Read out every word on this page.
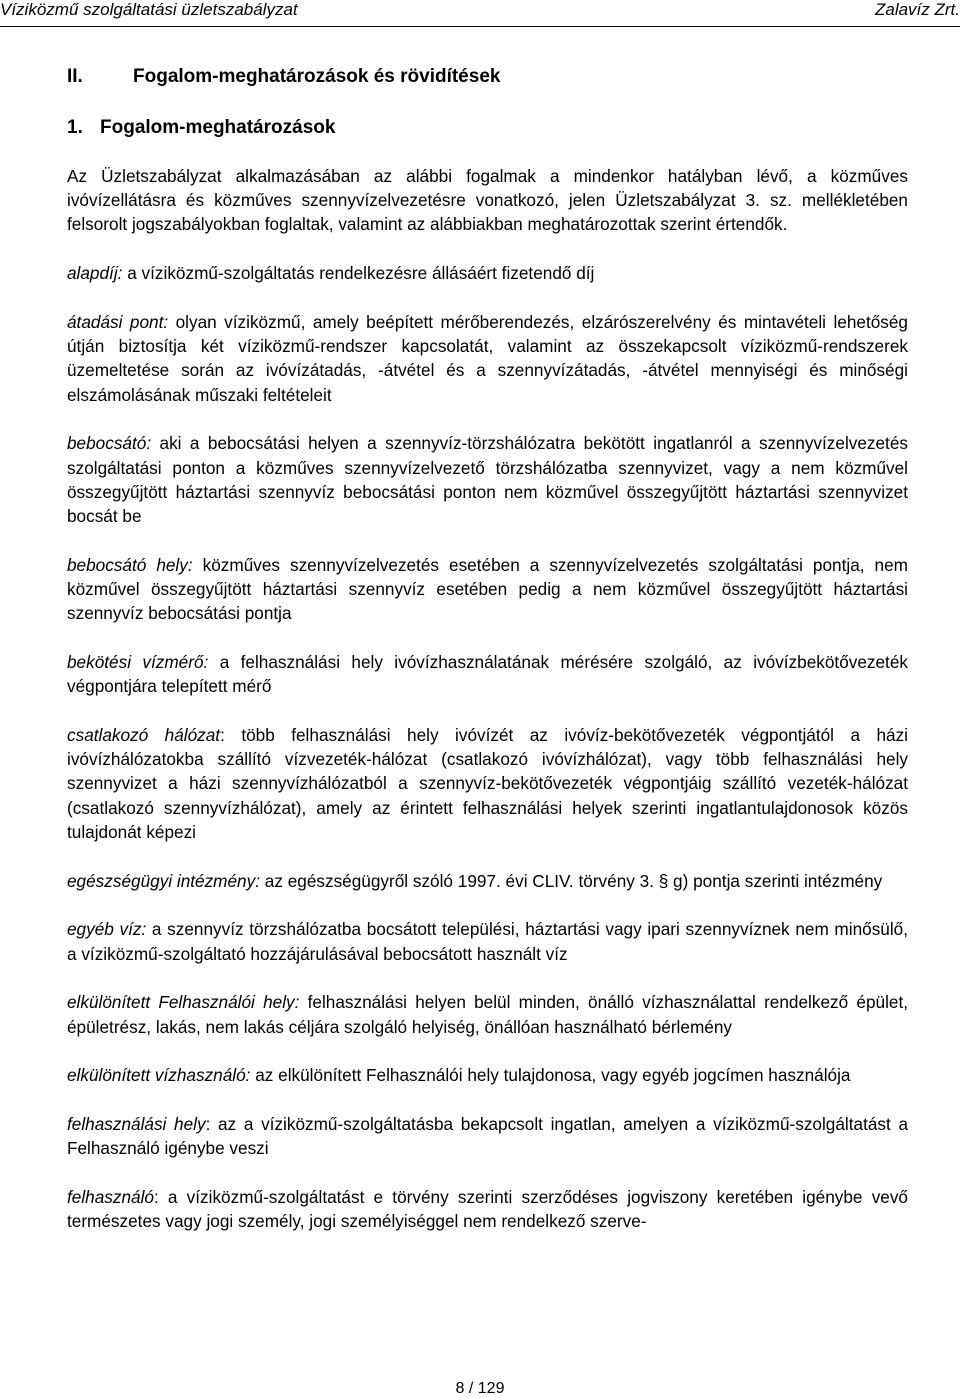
Víziközmű szolgáltatási üzletszabályzat	Zalavíz Zrt.
II.	Fogalom-meghatározások és rövidítések
1. Fogalom-meghatározások

Az Üzletszabályzat alkalmazásában az alábbi fogalmak a mindenkor hatályban lévő, a közműves ivóvízellátásra és közműves szennyvízelvezetésre vonatkozó, jelen Üzletszabályzat 3. sz. mellékletében felsorolt jogszabályokban foglaltak, valamint az alábbiakban meghatározottak szerint értendők.

alapdíj: a víziközmű-szolgáltatás rendelkezésre állásáért fizetendő díj

átadási pont: olyan víziközmű, amely beépített mérőberendezés, elzárószerelvény és mintavételi lehetőség útján biztosítja két víziközmű-rendszer kapcsolatát, valamint az összekapcsolt víziközmű-rendszerek üzemeltetése során az ivóvízátadás, -átvétel és a szennyvízátadás, -átvétel mennyiségi és minőségi elszámolásának műszaki feltételeit

bebocsátó: aki a bebocsátási helyen a szennyvíz-törzshálózatra bekötött ingatlanról a szennyvízelvezetés szolgáltatási ponton a közműves szennyvízelvezető törzshálózatba szennyvizet, vagy a nem közművel összegyűjtött háztartási szennyvíz bebocsátási ponton nem közművel összegyűjtött háztartási szennyvizet bocsát be

bebocsátó hely: közműves szennyvízelvezetés esetében a szennyvízelvezetés szolgáltatási pontja, nem közművel összegyűjtött háztartási szennyvíz esetében pedig a nem közművel összegyűjtött háztartási szennyvíz bebocsátási pontja

bekötési vízmérő: a felhasználási hely ivóvízhasználatának mérésére szolgáló, az ivóvízbekötővezeték végpontjára telepített mérő

csatlakozó hálózat: több felhasználási hely ivóvízét az ivóvíz-bekötővezeték végpontjától a házi ivóvízhálózatokba szállító vízvezeték-hálózat (csatlakozó ivóvízhálózat), vagy több felhasználási hely szennyvizet a házi szennyvízhálózatból a szennyvíz-bekötővezeték végpontjáig szállító vezeték-hálózat (csatlakozó szennyvízhálózat), amely az érintett felhasználási helyek szerinti ingatlantulajdonosok közös tulajdonát képezi

egészségügyi intézmény: az egészségügyről szóló 1997. évi CLIV. törvény 3. § g) pontja szerinti intézmény

egyéb víz: a szennyvíz törzshálózatba bocsátott települési, háztartási vagy ipari szennyvíznek nem minősülő, a víziközmű-szolgáltató hozzájárulásával bebocsátott használt víz

elkülönített Felhasználói hely: felhasználási helyen belül minden, önálló vízhasználattal rendelkező épület, épületrész, lakás, nem lakás céljára szolgáló helyiség, önállóan használható bérlemény

elkülönített vízhasználó: az elkülönített Felhasználói hely tulajdonosa, vagy egyéb jogcímen használója

felhasználási hely: az a víziközmű-szolgáltatásba bekapcsolt ingatlan, amelyen a víziközmű-szolgáltatást a Felhasználó igénybe veszi

felhasználó: a víziközmű-szolgáltatást e törvény szerinti szerződéses jogviszony keretében igénybe vevő természetes vagy jogi személy, jogi személyiséggel nem rendelkező szerve-

8 / 129
